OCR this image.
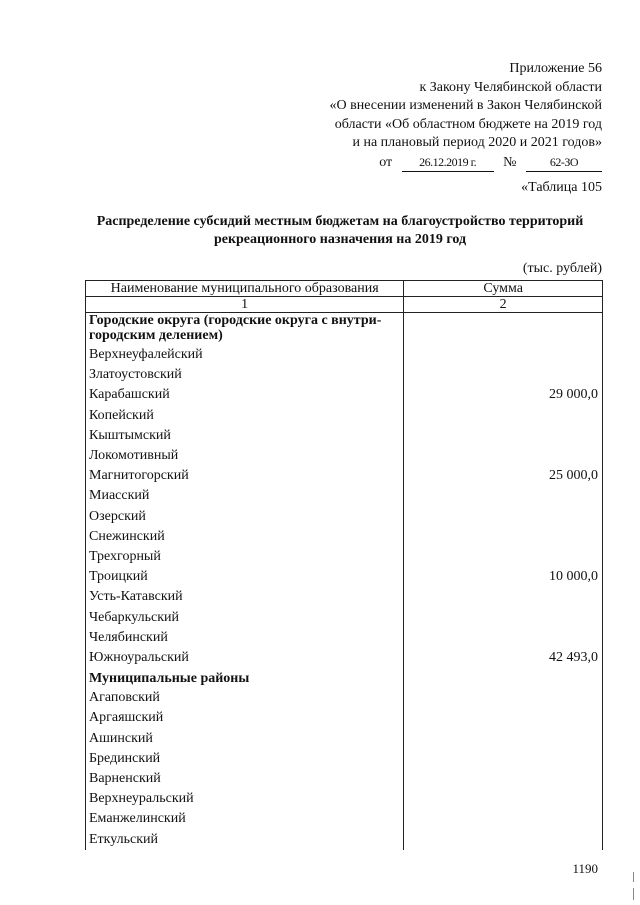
Приложение 56
к Закону Челябинской области
«О внесении изменений в Закон Челябинской
области «Об областном бюджете на 2019 год
и на плановый период 2020 и 2021 годов»
от 26.12.2019 г. №	62-ЗО
«Таблица 105
Распределение субсидий местным бюджетам на благоустройство территорий
рекреационного назначения на 2019 год
(тыс. рублей)
Наименование муниципального образования	Сумма
1	2
Городские округа (городские округа с внутри-городским делением)	
Верхнеуфалейский	
Златоустовский	
Карабашский	29 000,0
Копейский	
Кыштымский	
Локомотивный	
Магнитогорский	25 000,0
Миасский	
Озерский	
Снежинский	
Трехгорный	
Троицкий	10 000,0
Усть-Катавский	
Чебаркульский	
Челябинский	
Южноуральский	42 493,0
Муниципальные районы	
Агаповский	
Аргаяшский	
Ашинский	
Брединский	
Варненский	
Верхнеуральский	
Еманжелинский	
Еткульский	
1190
